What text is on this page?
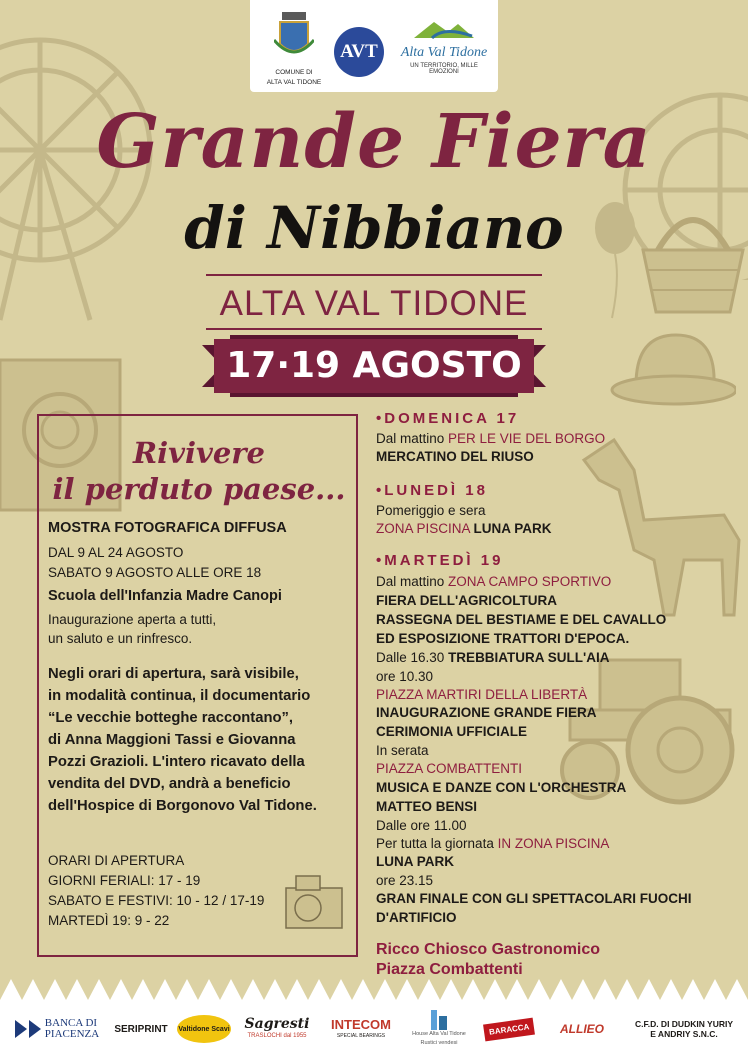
COMUNE DI
ALTA VAL TIDONE
AVT	Alta Val Tidone
UN TERRITORIO, MILLE EMOZIONI
Grande Fiera
di Nibbiano
ALTA VAL TIDONE
17·19 AGOSTO
Rivivere
il perduto paese...
MOSTRA FOTOGRAFICA DIFFUSA
DAL 9 AL 24 AGOSTO
SABATO 9 AGOSTO ALLE ORE 18
Scuola dell'Infanzia Madre Canopi
Inaugurazione aperta a tutti,
un saluto e un rinfresco.
Negli orari di apertura, sarà visibile,
in modalità continua, il documentario
“Le vecchie botteghe raccontano”,
di Anna Maggioni Tassi e Giovanna
Pozzi Grazioli. L'intero ricavato della
vendita del DVD, andrà a beneficio
dell'Hospice di Borgonovo Val Tidone.
ORARI DI APERTURA
GIORNI FERIALI: 17 - 19
SABATO E FESTIVI: 10 - 12 / 17-19
MARTEDÌ 19: 9 - 22
•DOMENICA 17
Dal mattino PER LE VIE DEL BORGO
MERCATINO DEL RIUSO
•LUNEDÌ 18
Pomeriggio e sera
ZONA PISCINA LUNA PARK
•MARTEDÌ 19
Dal mattino ZONA CAMPO SPORTIVO
FIERA DELL'AGRICOLTURA
RASSEGNA DEL BESTIAME E DEL CAVALLO
ED ESPOSIZIONE TRATTORI D'EPOCA.
Dalle 16.30 TREBBIATURA SULL'AIA
ore 10.30
PIAZZA MARTIRI DELLA LIBERTÀ
INAUGURAZIONE GRANDE FIERA
CERIMONIA UFFICIALE
In serata
PIAZZA COMBATTENTI
MUSICA E DANZE CON L'ORCHESTRA
MATTEO BENSI
Dalle ore 11.00
Per tutta la giornata IN ZONA PISCINA
LUNA PARK
ore 23.15
GRAN FINALE CON GLI SPETTACOLARI FUOCHI
D'ARTIFICIO
Ricco Chiosco Gastronomico
Piazza Combattenti
BANCA DI
PIACENZA	SERIPRINT	Valtidone Scavi Sagresti
TRASLOCHI dal 1955
INTECOM
SPECIAL BEARINGS	House Alta Val Tidone
Rustici vendesi
BARACCA	ALLIEO	C.F.D. DI DUDKIN YURIY
E ANDRIY S.N.C.
